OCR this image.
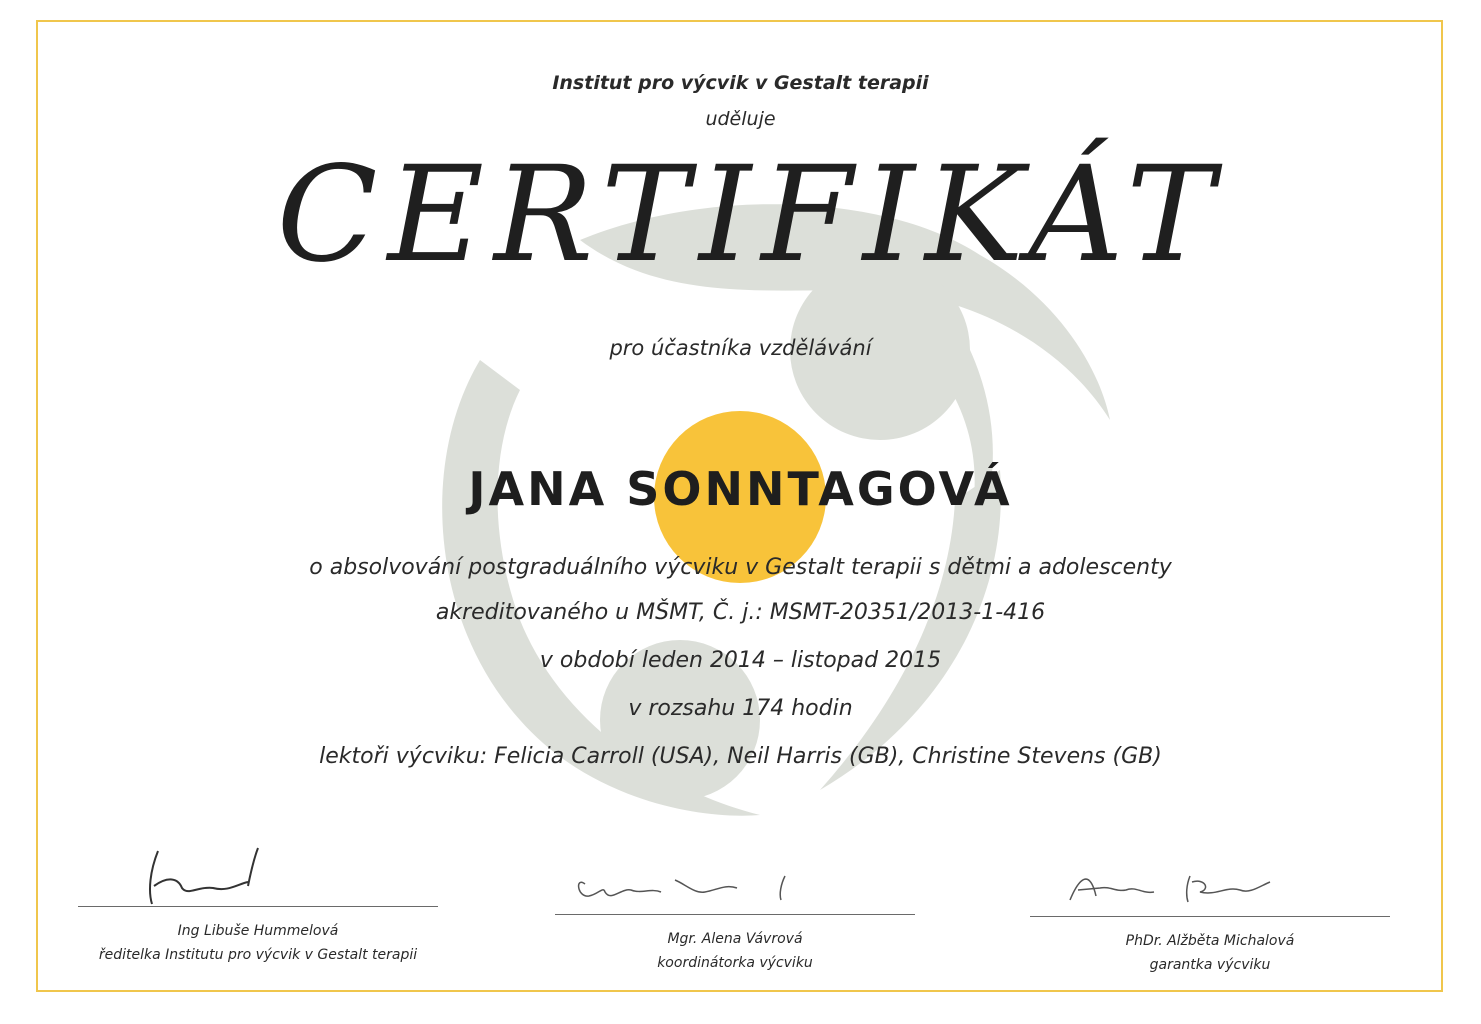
Institut pro výcvik v Gestalt terapii
uděluje
CERTIFIKÁT
pro účastníka vzdělávání
JANA SONNTAGOVÁ
o absolvování postgraduálního výcviku v Gestalt terapii s dětmi a adolescenty
akreditovaného u MŠMT, Č. j.: MSMT-20351/2013-1-416
v období leden 2014 – listopad 2015
v rozsahu 174 hodin
lektoři výcviku: Felicia Carroll (USA), Neil Harris (GB), Christine Stevens (GB)
Ing Libuše Hummelová
ředitelka Institutu pro výcvik v Gestalt terapii
Mgr. Alena Vávrová
koordinátorka výcviku
PhDr. Alžběta Michalová
garantka výcviku
